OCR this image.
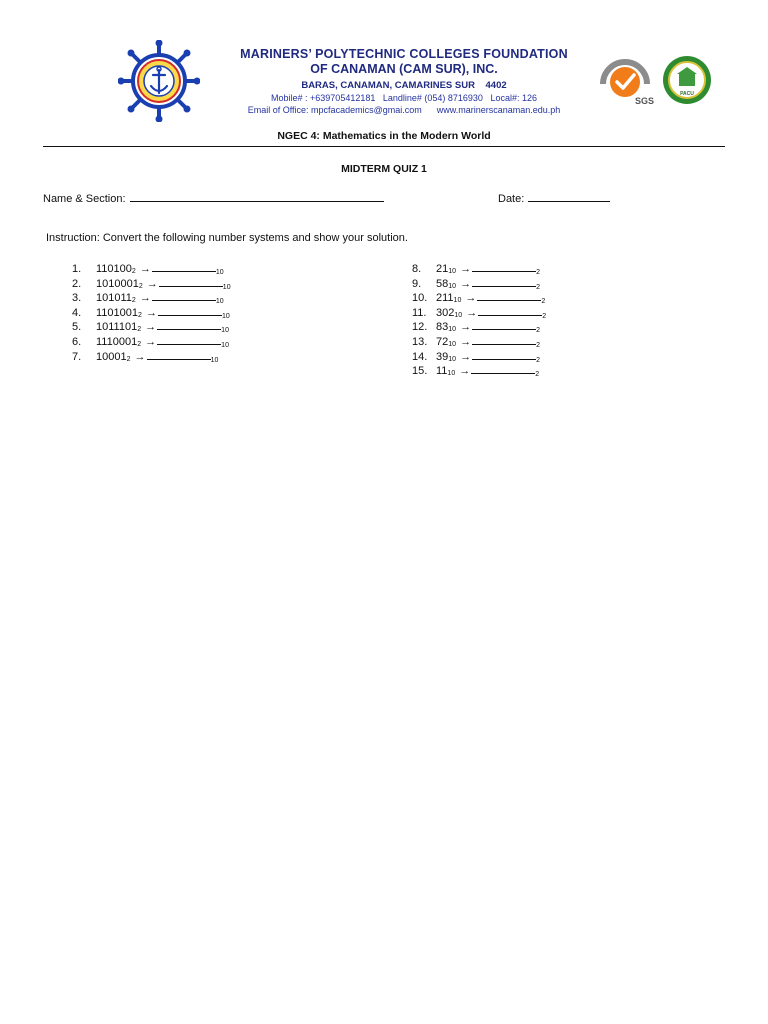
MARINERS’ POLYTECHNIC COLLEGES FOUNDATION
OF CANAMAN (CAM SUR), INC.
BARAS, CANAMAN, CAMARINES SUR    4402
Mobile# : +639705412181   Landline# (054) 8716930   Local#: 126
Email of Office: mpcfacademics@gmai.com      www.marinerscanaman.edu.ph
SGS
PACU
NGEC 4: Mathematics in the Modern World
MIDTERM QUIZ 1
Name & Section:	Date:
Instruction: Convert the following number systems and show your solution.
1. $110100_2$ →	10
2. $1010001_2$ →	10
3. $101011_2$ →	10
4. $1101001_2$ →	10
5. $1011101_2$ →	10
6. $1110001_2$ →	10
7. $10001_2$ →	10
8. $21_{10}$ →	2
9. $58_{10}$ →	2
10. $211_{10}$ →	2
11. $302_{10}$ →	2
12. $83_{10}$ →	2
13. $72_{10}$ →	2
14. $39_{10}$ →	2
15. $11_{10}$ →	2
